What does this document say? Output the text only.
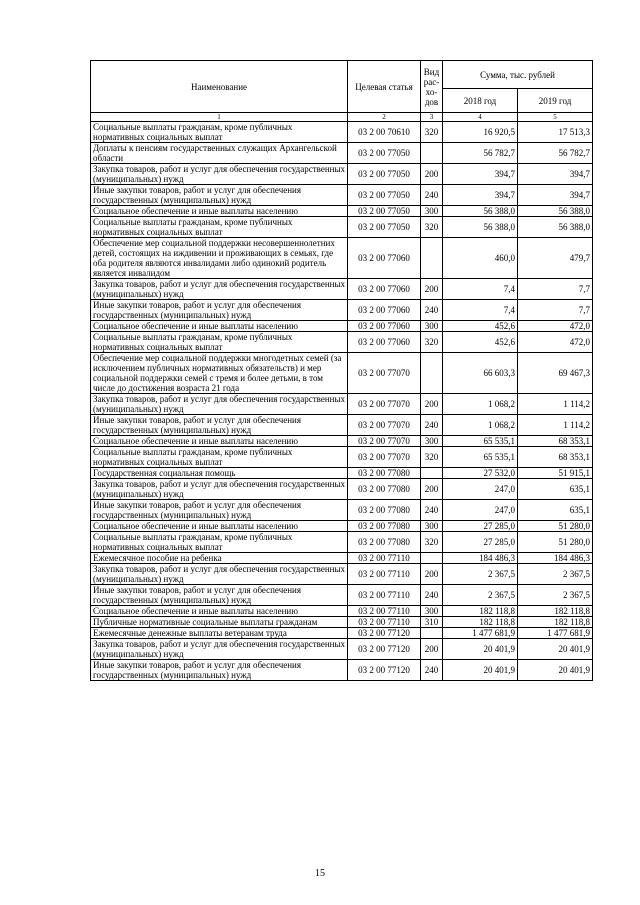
Наименование	Целевая статья	Вид рас- хо- дов	Сумма, тыс. рублей	
			2018 год	2019 год
1	2	3	4	5
Социальные выплаты гражданам, кроме публичных нормативных социальных выплат	03 2 00 70610	320	16 920,5	17 513,3
Доплаты к пенсиям государственных служащих Архангельской области	03 2 00 77050		56 782,7	56 782,7
Закупка товаров, работ и услуг для обеспечения государственных (муниципальных) нужд	03 2 00 77050	200	394,7	394,7
Иные закупки товаров, работ и услуг для обеспечения государственных (муниципальных) нужд	03 2 00 77050	240	394,7	394,7
Социальное обеспечение и иные выплаты населению	03 2 00 77050	300	56 388,0	56 388,0
Социальные выплаты гражданам, кроме публичных нормативных социальных выплат	03 2 00 77050	320	56 388,0	56 388,0
Обеспечение мер социальной поддержки несовершеннолетних детей, состоящих на иждивении и проживающих в семьях, где оба родителя являются инвалидами либо одинокий родитель является инвалидом	03 2 00 77060		460,0	479,7
Закупка товаров, работ и услуг для обеспечения государственных (муниципальных) нужд	03 2 00 77060	200	7,4	7,7
Иные закупки товаров, работ и услуг для обеспечения государственных (муниципальных) нужд	03 2 00 77060	240	7,4	7,7
Социальное обеспечение и иные выплаты населению	03 2 00 77060	300	452,6	472,0
Социальные выплаты гражданам, кроме публичных нормативных социальных выплат	03 2 00 77060	320	452,6	472,0
Обеспечение мер социальной поддержки многодетных семей (за исключением публичных нормативных обязательств) и мер социальной поддержки семей с тремя и более детьми, в том числе до достижения возраста 21 года	03 2 00 77070		66 603,3	69 467,3
Закупка товаров, работ и услуг для обеспечения государственных (муниципальных) нужд	03 2 00 77070	200	1 068,2	1 114,2
Иные закупки товаров, работ и услуг для обеспечения государственных (муниципальных) нужд	03 2 00 77070	240	1 068,2	1 114,2
Социальное обеспечение и иные выплаты населению	03 2 00 77070	300	65 535,1	68 353,1
Социальные выплаты гражданам, кроме публичных нормативных социальных выплат	03 2 00 77070	320	65 535,1	68 353,1
Государственная социальная помощь	03 2 00 77080		27 532,0	51 915,1
Закупка товаров, работ и услуг для обеспечения государственных (муниципальных) нужд	03 2 00 77080	200	247,0	635,1
Иные закупки товаров, работ и услуг для обеспечения государственных (муниципальных) нужд	03 2 00 77080	240	247,0	635,1
Социальное обеспечение и иные выплаты населению	03 2 00 77080	300	27 285,0	51 280,0
Социальные выплаты гражданам, кроме публичных нормативных социальных выплат	03 2 00 77080	320	27 285,0	51 280,0
Ежемесячное пособие на ребенка	03 2 00 77110		184 486,3	184 486,3
Закупка товаров, работ и услуг для обеспечения государственных (муниципальных) нужд	03 2 00 77110	200	2 367,5	2 367,5
Иные закупки товаров, работ и услуг для обеспечения государственных (муниципальных) нужд	03 2 00 77110	240	2 367,5	2 367,5
Социальное обеспечение и иные выплаты населению	03 2 00 77110	300	182 118,8	182 118,8
Публичные нормативные социальные выплаты гражданам	03 2 00 77110	310	182 118,8	182 118,8
Ежемесячные денежные выплаты ветеранам труда	03 2 00 77120		1 477 681,9	1 477 681,9
Закупка товаров, работ и услуг для обеспечения государственных (муниципальных) нужд	03 2 00 77120	200	20 401,9	20 401,9
Иные закупки товаров, работ и услуг для обеспечения государственных (муниципальных) нужд	03 2 00 77120	240	20 401,9	20 401,9
15
